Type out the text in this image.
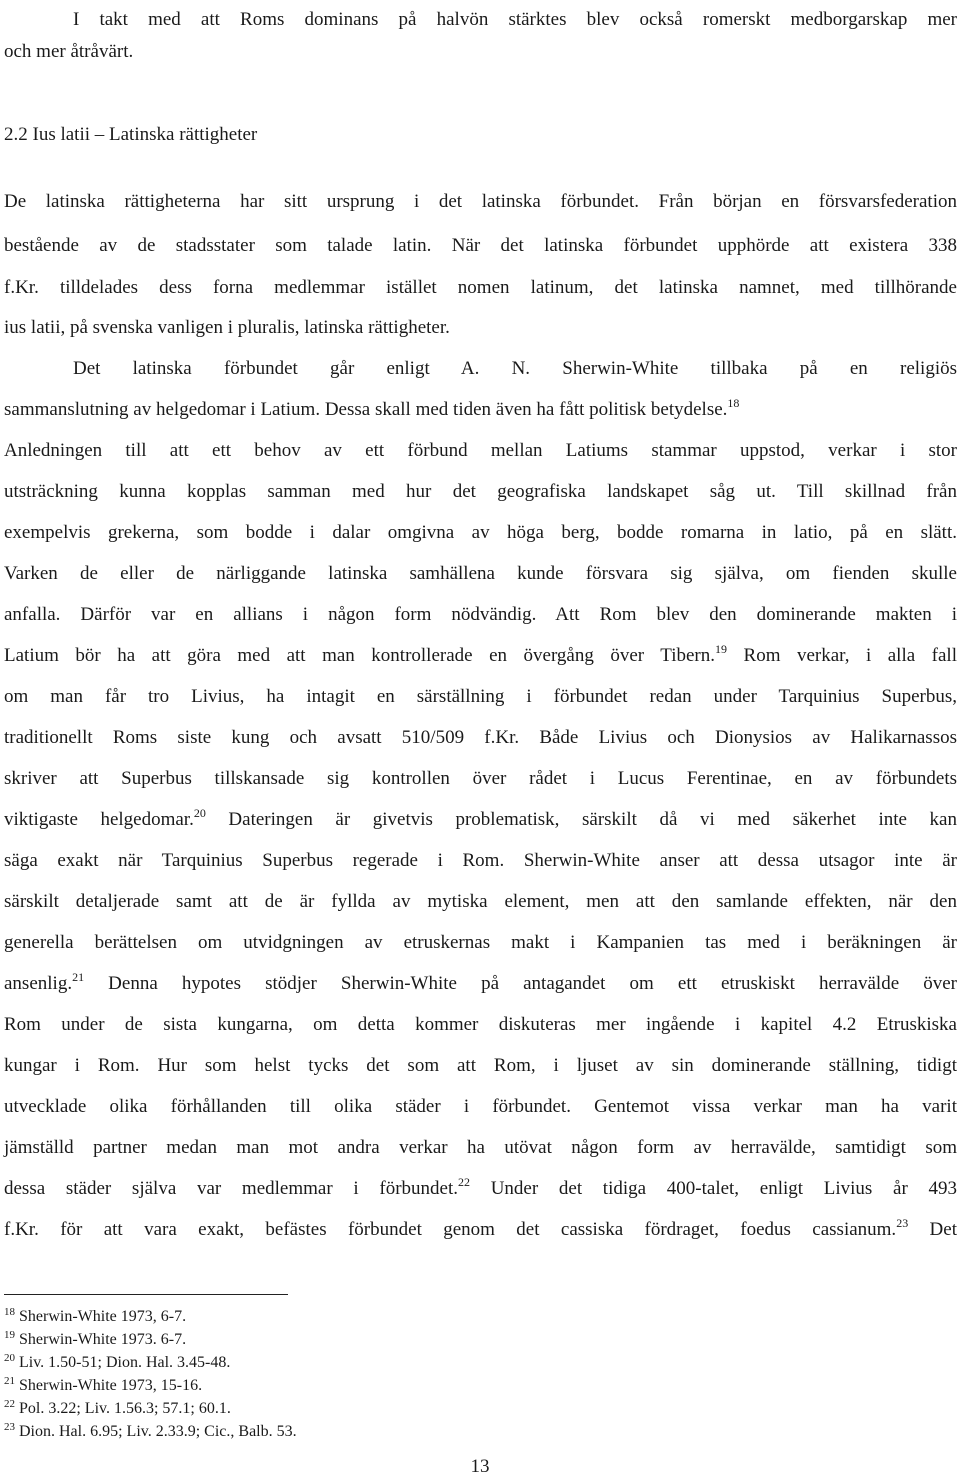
I takt med att Roms dominans på halvön stärktes blev också romerskt medborgarskap mer
och mer åtråvärt.
2.2 Ius latii – Latinska rättigheter
De latinska rättigheterna har sitt ursprung i det latinska förbundet. Från början en försvarsfederation
bestående av de stadsstater som talade latin. När det latinska förbundet upphörde att existera 338
f.Kr. tilldelades dess forna medlemmar istället nomen latinum, det latinska namnet, med tillhörande
ius latii, på svenska vanligen i pluralis, latinska rättigheter.
Det latinska förbundet går enligt A. N. Sherwin-White tillbaka på en religiös
sammanslutning av helgedomar i Latium. Dessa skall med tiden även ha fått politisk betydelse.$^{18}$
Anledningen till att ett behov av ett förbund mellan Latiums stammar uppstod, verkar i stor
utsträckning kunna kopplas samman med hur det geografiska landskapet såg ut. Till skillnad från
exempelvis grekerna, som bodde i dalar omgivna av höga berg, bodde romarna in latio, på en slätt.
Varken de eller de närliggande latinska samhällena kunde försvara sig själva, om fienden skulle
anfalla. Därför var en allians i någon form nödvändig. Att Rom blev den dominerande makten i
Latium bör ha att göra med att man kontrollerade en övergång över Tibern.$^{19}$ Rom verkar, i alla fall
om man får tro Livius, ha intagit en särställning i förbundet redan under Tarquinius Superbus,
traditionellt Roms siste kung och avsatt 510/509 f.Kr. Både Livius och Dionysios av Halikarnassos
skriver att Superbus tillskansade sig kontrollen över rådet i Lucus Ferentinae, en av förbundets
viktigaste helgedomar.$^{20}$ Dateringen är givetvis problematisk, särskilt då vi med säkerhet inte kan
säga exakt när Tarquinius Superbus regerade i Rom. Sherwin-White anser att dessa utsagor inte är
särskilt detaljerade samt att de är fyllda av mytiska element, men att den samlande effekten, när den
generella berättelsen om utvidgningen av etruskernas makt i Kampanien tas med i beräkningen är
ansenlig.$^{21}$ Denna hypotes stödjer Sherwin-White på antagandet om ett etruskiskt herravälde över
Rom under de sista kungarna, om detta kommer diskuteras mer ingående i kapitel 4.2 Etruskiska
kungar i Rom. Hur som helst tycks det som att Rom, i ljuset av sin dominerande ställning, tidigt
utvecklade olika förhållanden till olika städer i förbundet. Gentemot vissa verkar man ha varit
jämställd partner medan man mot andra verkar ha utövat någon form av herravälde, samtidigt som
dessa städer själva var medlemmar i förbundet.$^{22}$ Under det tidiga 400-talet, enligt Livius år 493
f.Kr. för att vara exakt, befästes förbundet genom det cassiska fördraget, foedus cassianum.$^{23}$ Det
$^{18}$ Sherwin-White 1973, 6-7.
$^{19}$ Sherwin-White 1973. 6-7.
$^{20}$ Liv. 1.50-51; Dion. Hal. 3.45-48.
$^{21}$ Sherwin-White 1973, 15-16.
$^{22}$ Pol. 3.22; Liv. 1.56.3; 57.1; 60.1.
$^{23}$ Dion. Hal. 6.95; Liv. 2.33.9; Cic., Balb. 53.
13
